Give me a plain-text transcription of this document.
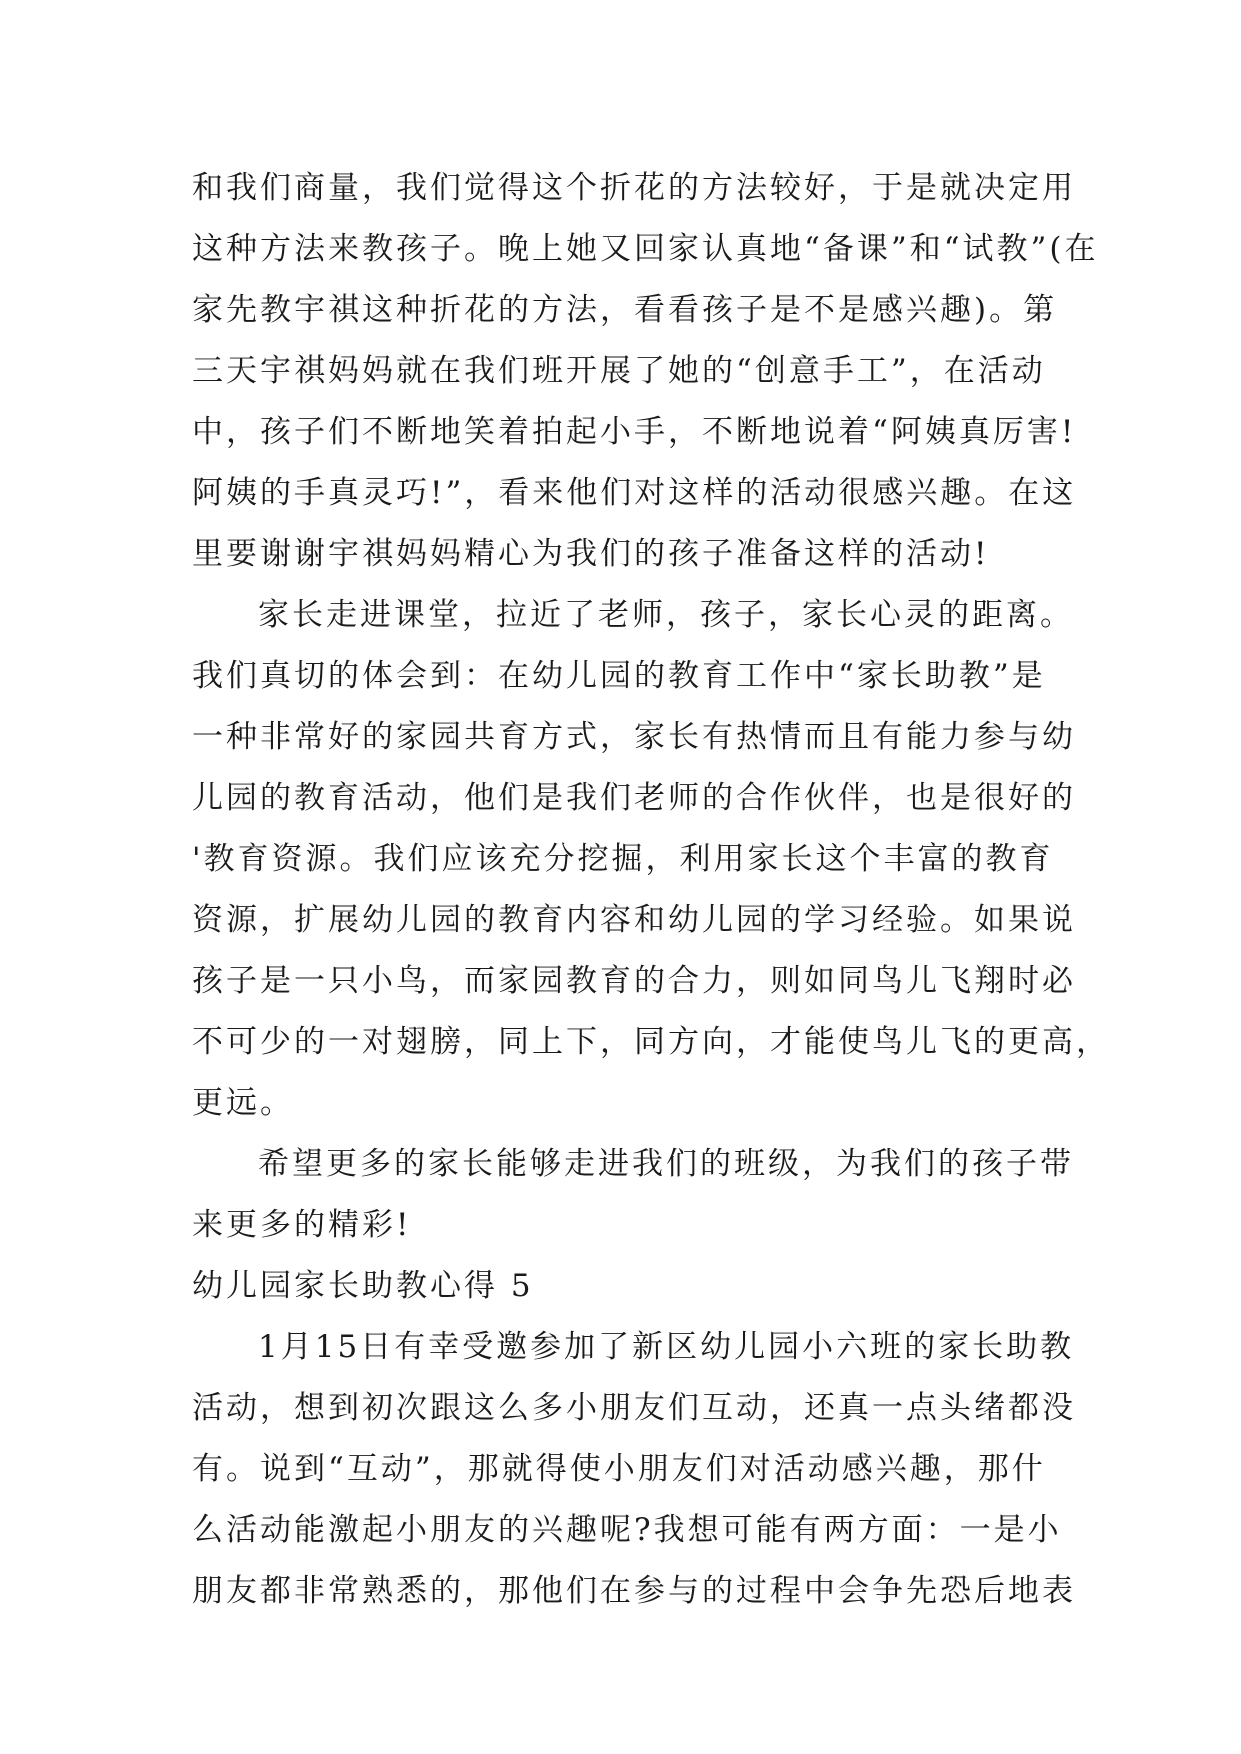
和我们商量，我们觉得这个折花的方法较好，于是就决定用
这种方法来教孩子。晚上她又回家认真地“备课”和“试教”(在
家先教宇祺这种折花的方法，看看孩子是不是感兴趣)。第
三天宇祺妈妈就在我们班开展了她的“创意手工”，在活动
中，孩子们不断地笑着拍起小手，不断地说着“阿姨真厉害!
阿姨的手真灵巧!”，看来他们对这样的活动很感兴趣。在这
里要谢谢宇祺妈妈精心为我们的孩子准备这样的活动!
家长走进课堂，拉近了老师，孩子，家长心灵的距离。
我们真切的体会到：在幼儿园的教育工作中“家长助教”是
一种非常好的家园共育方式，家长有热情而且有能力参与幼
儿园的教育活动，他们是我们老师的合作伙伴，也是很好的
'教育资源。我们应该充分挖掘，利用家长这个丰富的教育
资源，扩展幼儿园的教育内容和幼儿园的学习经验。如果说
孩子是一只小鸟，而家园教育的合力，则如同鸟儿飞翔时必
不可少的一对翅膀，同上下，同方向，才能使鸟儿飞的更高，
更远。
希望更多的家长能够走进我们的班级，为我们的孩子带
来更多的精彩!
幼儿园家长助教心得 5
1月15日有幸受邀参加了新区幼儿园小六班的家长助教
活动，想到初次跟这么多小朋友们互动，还真一点头绪都没
有。说到“互动”，那就得使小朋友们对活动感兴趣，那什
么活动能激起小朋友的兴趣呢?我想可能有两方面：一是小
朋友都非常熟悉的，那他们在参与的过程中会争先恐后地表
